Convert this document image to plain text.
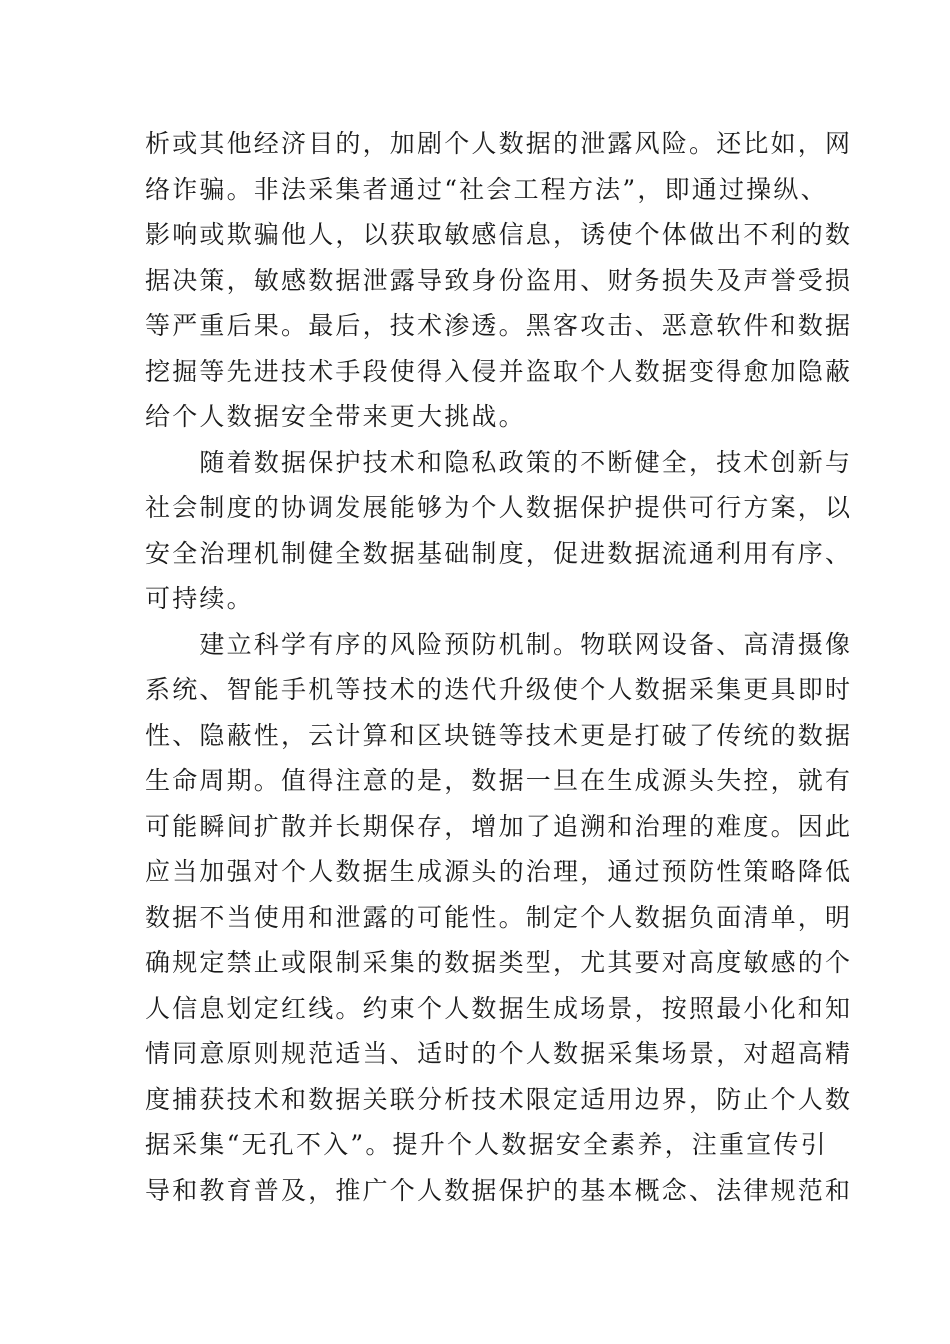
析或其他经济目的，加剧个人数据的泄露风险。还比如，网
络诈骗。非法采集者通过“社会工程方法”，即通过操纵、
影响或欺骗他人，以获取敏感信息，诱使个体做出不利的数
据决策，敏感数据泄露导致身份盗用、财务损失及声誉受损
等严重后果。最后，技术渗透。黑客攻击、恶意软件和数据
挖掘等先进技术手段使得入侵并盗取个人数据变得愈加隐蔽
给个人数据安全带来更大挑战。
　　随着数据保护技术和隐私政策的不断健全，技术创新与
社会制度的协调发展能够为个人数据保护提供可行方案，以
安全治理机制健全数据基础制度，促进数据流通利用有序、
可持续。
　　建立科学有序的风险预防机制。物联网设备、高清摄像
系统、智能手机等技术的迭代升级使个人数据采集更具即时
性、隐蔽性，云计算和区块链等技术更是打破了传统的数据
生命周期。值得注意的是，数据一旦在生成源头失控，就有
可能瞬间扩散并长期保存，增加了追溯和治理的难度。因此
应当加强对个人数据生成源头的治理，通过预防性策略降低
数据不当使用和泄露的可能性。制定个人数据负面清单，明
确规定禁止或限制采集的数据类型，尤其要对高度敏感的个
人信息划定红线。约束个人数据生成场景，按照最小化和知
情同意原则规范适当、适时的个人数据采集场景，对超高精
度捕获技术和数据关联分析技术限定适用边界，防止个人数
据采集“无孔不入”。提升个人数据安全素养，注重宣传引
导和教育普及，推广个人数据保护的基本概念、法律规范和
